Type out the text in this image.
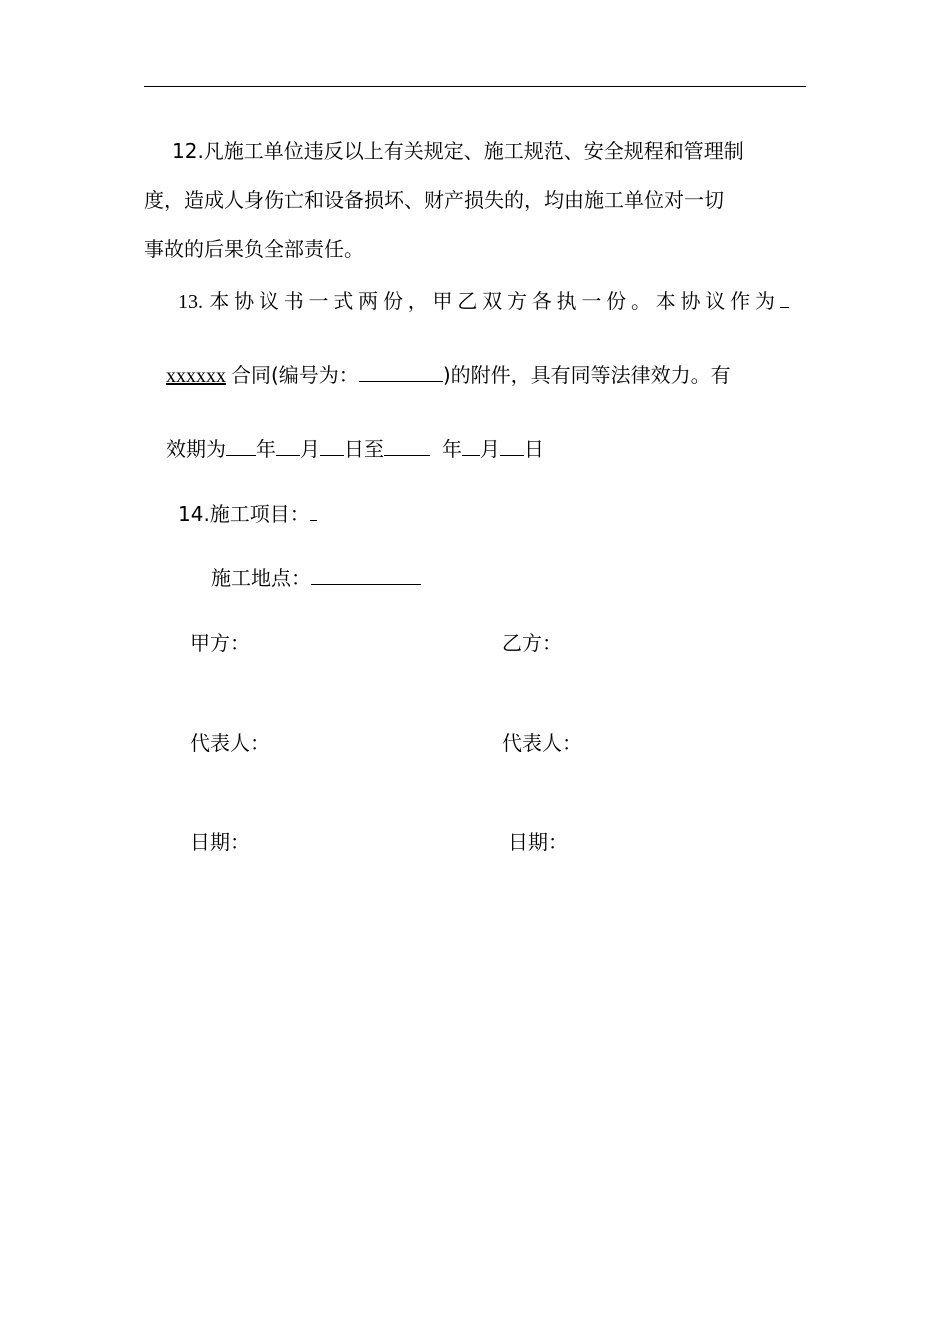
12.凡施工单位违反以上有关规定、施工规范、安全规程和管理制
度，造成人身伤亡和设备损坏、财产损失的，均由施工单位对一切
事故的后果负全部责任。
13. 本协议书一式两份，甲乙双方各执一份。本协议作为
xxxxxx 合同(编号为：	)的附件，具有同等法律效力。有
效期为 年 月 日至	年 月 日
14.施工项目：
施工地点：
甲方：	乙方：
代表人：	代表人：
日期：	日期：
